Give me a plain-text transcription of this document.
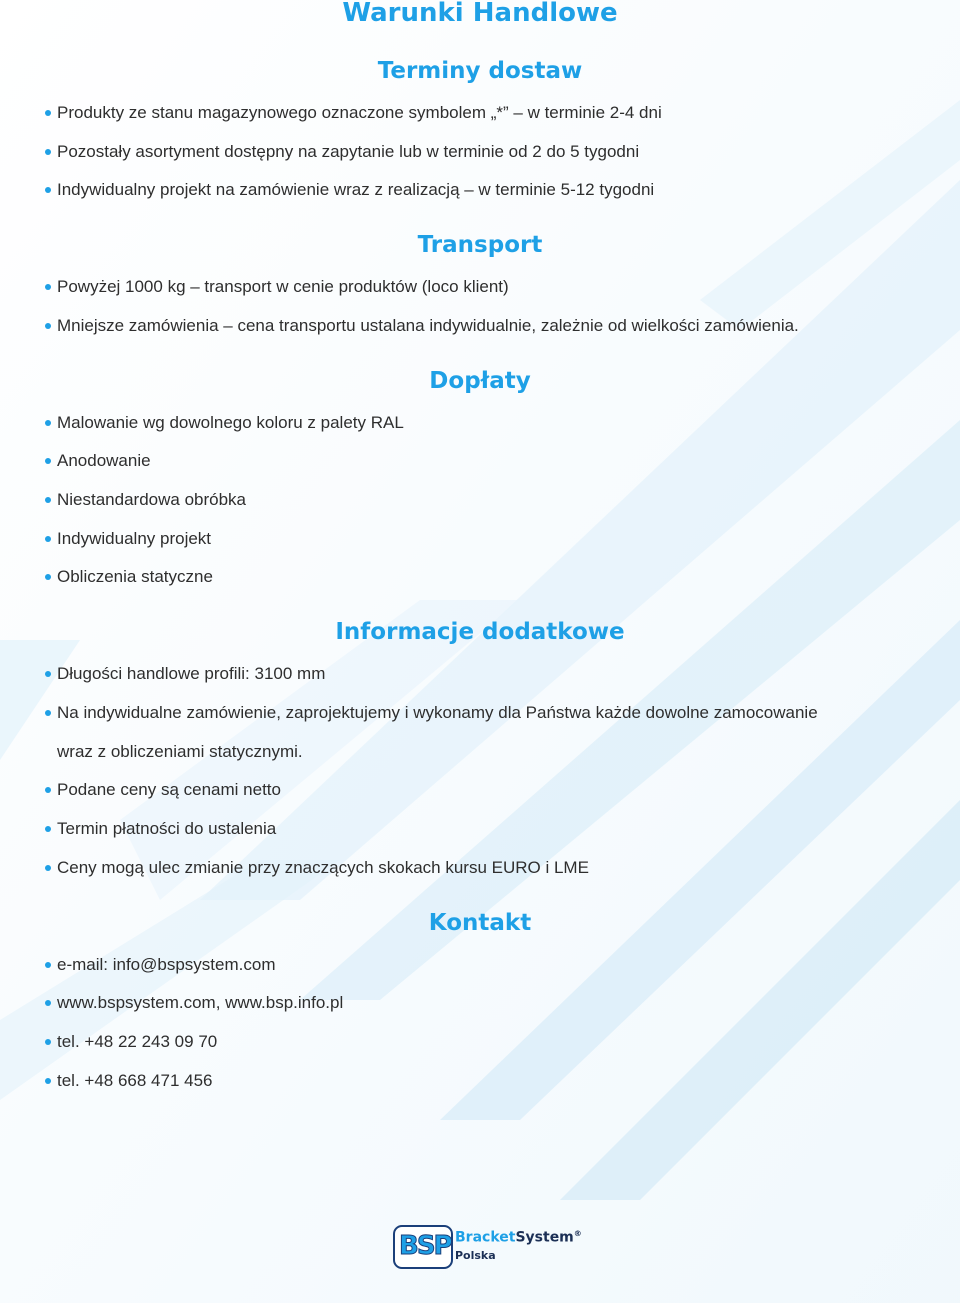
Warunki Handlowe
Terminy dostaw
Produkty ze stanu magazynowego oznaczone symbolem „*” – w terminie 2-4 dni
Pozostały asortyment dostępny na zapytanie lub w terminie od 2 do 5 tygodni
Indywidualny projekt na zamówienie wraz z realizacją – w terminie 5-12 tygodni
Transport
Powyżej 1000 kg – transport w cenie produktów (loco klient)
Mniejsze zamówienia – cena transportu ustalana indywidualnie, zależnie od wielkości zamówienia.
Dopłaty
Malowanie wg dowolnego koloru z palety RAL
Anodowanie
Niestandardowa obróbka
Indywidualny projekt
Obliczenia statyczne
Informacje dodatkowe
Długości handlowe profili: 3100 mm
Na indywidualne zamówienie, zaprojektujemy i wykonamy dla Państwa każde dowolne zamocowanie
wraz z obliczeniami statycznymi.
Podane ceny są cenami netto
Termin płatności do ustalenia
Ceny mogą ulec zmianie przy znaczących skokach kursu EURO i LME
Kontakt
e-mail: info@bspsystem.com
www.bspsystem.com, www.bsp.info.pl
tel. +48 22 243 09 70
tel. +48 668 471 456
BSP BracketSystem®
Polska
